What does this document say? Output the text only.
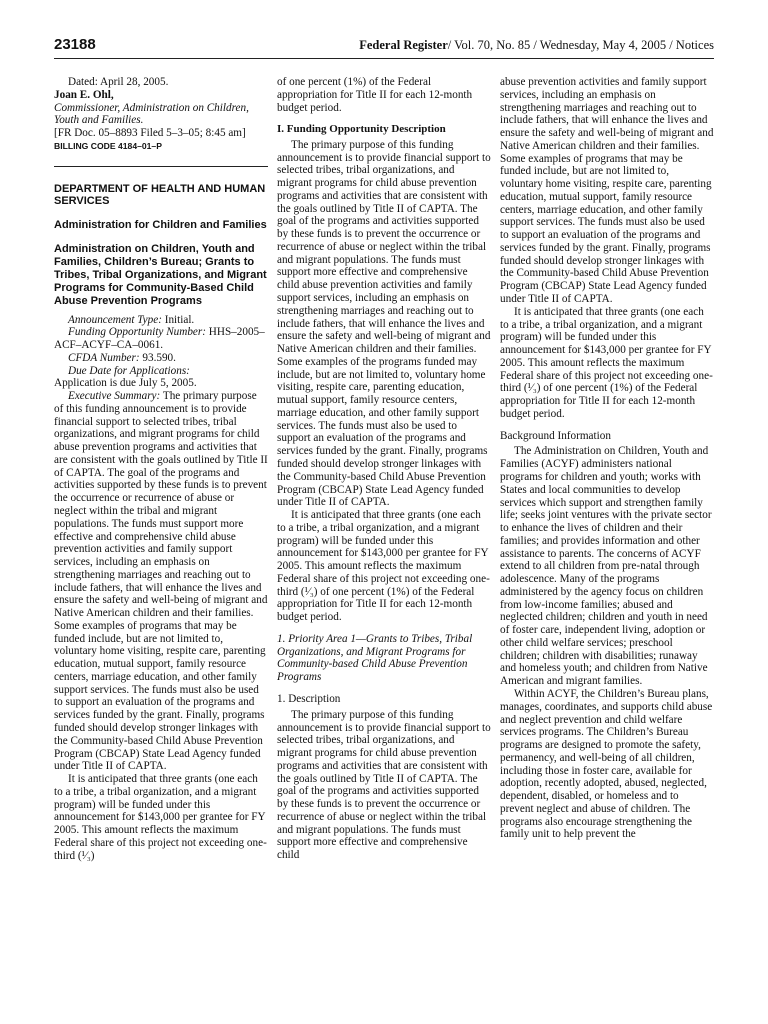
23188	Federal Register/ Vol. 70, No. 85 / Wednesday, May 4, 2005 / Notices

Dated: April 28, 2005.

Joan E. Ohl,

Commissioner, Administration on Children, Youth and Families.

[FR Doc. 05–8893 Filed 5–3–05; 8:45 am]

BILLING CODE 4184–01–P

DEPARTMENT OF HEALTH AND HUMAN SERVICES
Administration for Children and Families
Administration on Children, Youth and Families, Children’s Bureau; Grants to Tribes, Tribal Organizations, and Migrant Programs for Community-Based Child Abuse Prevention Programs

Announcement Type: Initial.

Funding Opportunity Number: HHS–2005–ACF–ACYF–CA–0061.

CFDA Number: 93.590.

Due Date for Applications:

Application is due July 5, 2005.

Executive Summary: The primary purpose of this funding announcement is to provide financial support to selected tribes, tribal organizations, and migrant programs for child abuse prevention programs and activities that are consistent with the goals outlined by Title II of CAPTA. The goal of the programs and activities supported by these funds is to prevent the occurrence or recurrence of abuse or neglect within the tribal and migrant populations. The funds must support more effective and comprehensive child abuse prevention activities and family support services, including an emphasis on strengthening marriages and reaching out to include fathers, that will enhance the lives and ensure the safety and well-being of migrant and Native American children and their families. Some examples of programs that may be funded include, but are not limited to, voluntary home visiting, respite care, parenting education, mutual support, family resource centers, marriage education, and other family support services. The funds must also be used to support an evaluation of the programs and services funded by the grant. Finally, programs funded should develop stronger linkages with the Community-based Child Abuse Prevention Program (CBCAP) State Lead Agency funded under Title II of CAPTA.

It is anticipated that three grants (one each to a tribe, a tribal organization, and a migrant program) will be funded under this announcement for $143,000 per grantee for FY 2005. This amount reflects the maximum Federal share of this project not exceeding one-third (¹⁄₃)

of one percent (1%) of the Federal appropriation for Title II for each 12-month budget period.

I. Funding Opportunity Description

The primary purpose of this funding announcement is to provide financial support to selected tribes, tribal organizations, and migrant programs for child abuse prevention programs and activities that are consistent with the goals outlined by Title II of CAPTA. The goal of the programs and activities supported by these funds is to prevent the occurrence or recurrence of abuse or neglect within the tribal and migrant populations. The funds must support more effective and comprehensive child abuse prevention activities and family support services, including an emphasis on strengthening marriages and reaching out to include fathers, that will enhance the lives and ensure the safety and well-being of migrant and Native American children and their families. Some examples of the programs funded may include, but are not limited to, voluntary home visiting, respite care, parenting education, mutual support, family resource centers, marriage education, and other family support services. The funds must also be used to support an evaluation of the programs and services funded by the grant. Finally, programs funded should develop stronger linkages with the Community-based Child Abuse Prevention Program (CBCAP) State Lead Agency funded under Title II of CAPTA.

It is anticipated that three grants (one each to a tribe, a tribal organization, and a migrant program) will be funded under this announcement for $143,000 per grantee for FY 2005. This amount reflects the maximum Federal share of this project not exceeding one-third (¹⁄₃) of one percent (1%) of the Federal appropriation for Title II for each 12-month budget period.

1. Priority Area 1—Grants to Tribes, Tribal Organizations, and Migrant Programs for Community-based Child Abuse Prevention Programs

1. Description

The primary purpose of this funding announcement is to provide financial support to selected tribes, tribal organizations, and migrant programs for child abuse prevention programs and activities that are consistent with the goals outlined by Title II of CAPTA. The goal of the programs and activities supported by these funds is to prevent the occurrence or recurrence of abuse or neglect within the tribal and migrant populations. The funds must support more effective and comprehensive child

abuse prevention activities and family support services, including an emphasis on strengthening marriages and reaching out to include fathers, that will enhance the lives and ensure the safety and well-being of migrant and Native American children and their families. Some examples of programs that may be funded include, but are not limited to, voluntary home visiting, respite care, parenting education, mutual support, family resource centers, marriage education, and other family support services. The funds must also be used to support an evaluation of the programs and services funded by the grant. Finally, programs funded should develop stronger linkages with the Community-based Child Abuse Prevention Program (CBCAP) State Lead Agency funded under Title II of CAPTA.

It is anticipated that three grants (one each to a tribe, a tribal organization, and a migrant program) will be funded under this announcement for $143,000 per grantee for FY 2005. This amount reflects the maximum Federal share of this project not exceeding one-third (¹⁄₃) of one percent (1%) of the Federal appropriation for Title II for each 12-month budget period.

Background Information

The Administration on Children, Youth and Families (ACYF) administers national programs for children and youth; works with States and local communities to develop services which support and strengthen family life; seeks joint ventures with the private sector to enhance the lives of children and their families; and provides information and other assistance to parents. The concerns of ACYF extend to all children from pre-natal through adolescence. Many of the programs administered by the agency focus on children from low-income families; abused and neglected children; children and youth in need of foster care, independent living, adoption or other child welfare services; preschool children; children with disabilities; runaway and homeless youth; and children from Native American and migrant families.

Within ACYF, the Children’s Bureau plans, manages, coordinates, and supports child abuse and neglect prevention and child welfare services programs. The Children’s Bureau programs are designed to promote the safety, permanency, and well-being of all children, including those in foster care, available for adoption, recently adopted, abused, neglected, dependent, disabled, or homeless and to prevent neglect and abuse of children. The programs also encourage strengthening the family unit to help prevent the
